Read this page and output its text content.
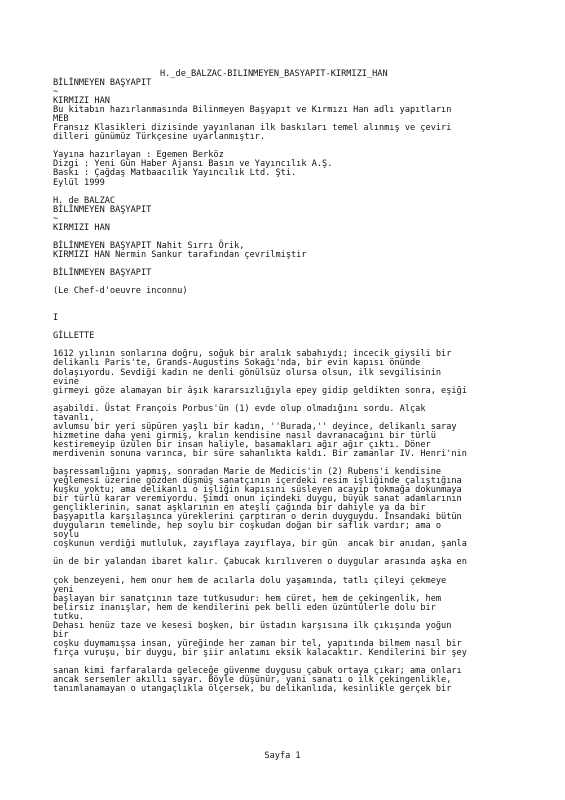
H._de_BALZAC-BILINMEYEN_BASYAPIT-KIRMIZI_HAN
BİLİNMEYEN BAŞYAPIT
~
KIRMIZI HAN
Bu kitabın hazırlanmasında Bilinmeyen Başyapıt ve Kırmızı Han adlı yapıtların
MEB
Fransız Klasikleri dizisinde yayınlanan ilk baskıları temel alınmış ve çeviri
dilleri günümüz Türkçesine uyarlanmıştır.

Yayına hazırlayan : Egemen Berköz
Dizgi : Yeni Gün Haber Ajansı Basın ve Yayıncılık A.Ş.
Baskı : Çağdaş Matbaacılık Yayıncılık Ltd. Şti.
Eylül 1999

H. de BALZAC
BİLİNMEYEN BAŞYAPIT
~
KIRMIZI HAN

BİLİNMEYEN BAŞYAPIT Nahit Sırrı Örik,
KIRMIZI HAN Nermin Sankur tarafından çevrilmiştir

BİLİNMEYEN BAŞYAPIT

(Le Chef-d'oeuvre inconnu)

I

GİLLETTE

1612 yılının sonlarına doğru, soğuk bir aralık sabahıydı; incecik giysili bir
delikanlı Paris'te, Grands-Augustins Sokağı'nda, bir evin kapısı önünde
dolaşıyordu. Sevdiği kadın ne denli gönülsüz olursa olsun, ilk sevgilisinin
evine
girmeyi göze alamayan bir âşık kararsızlığıyla epey gidip geldikten sonra, eşiği

aşabildi. Üstat François Porbus'ün (1) evde olup olmadığını sordu. Alçak
tavanlı,
avlumsu bir yeri süpüren yaşlı bir kadın, ''Burada,'' deyince, delikanlı saray
hizmetine daha yeni girmiş, kralın kendisine nasıl davranacağını bir türlü
kestiremeyip üzülen bir insan haliyle, basamakları ağır ağır çıktı. Döner
merdivenin sonuna varınca, bir süre sahanlıkta kaldı. Bir zamanlar IV. Henri'nin

başressamlığını yapmış, sonradan Marie de Medicis'in (2) Rubens'i kendisine
yeğlemesi üzerine gözden düşmüş sanatçının içerdeki resim işliğinde çalıştığına
kuşku yoktu; ama delikanlı o işliğin kapısını süsleyen acayip tokmağa dokunmaya
bir türlü karar veremiyordu. Şimdi onun içindeki duygu, büyük sanat adamlarının
gençliklerinin, sanat aşklarının en ateşli çağında bir dahiyle ya da bir
başyapıtla karşılaşınca yüreklerini çarptıran o derin duyguydu. İnsandaki bütün
duyguların temelinde, hep soylu bir coşkudan doğan bir saflık vardır; ama o
soylu
coşkunun verdiği mutluluk, zayıflaya zayıflaya, bir gün  ancak bir anıdan, şanla

ün de bir yalandan ibaret kalır. Çabucak kırılıveren o duygular arasında aşka en

çok benzeyeni, hem onur hem de acılarla dolu yaşamında, tatlı çileyi çekmeye
yeni
başlayan bir sanatçının taze tutkusudur: hem cüret, hem de çekingenlik, hem
belirsiz inanışlar, hem de kendilerini pek belli eden üzüntülerle dolu bir
tutku.
Dehası henüz taze ve kesesi boşken, bir üstadın karşısına ilk çıkışında yoğun
bir
coşku duymamışsa insan, yüreğinde her zaman bir tel, yapıtında bilmem nasıl bir
fırça vuruşu, bir duygu, bir şiir anlatımı eksik kalacaktır. Kendilerini bir şey

sanan kimi farfaralarda geleceğe güvenme duygusu çabuk ortaya çıkar; ama onları
ancak sersemler akıllı sayar. Böyle düşünür, yani sanatı o ilk çekingenlikle,
tanımlanamayan o utangaçlıkla ölçersek, bu delikanlıda, kesinlikle gerçek bir
Sayfa 1
